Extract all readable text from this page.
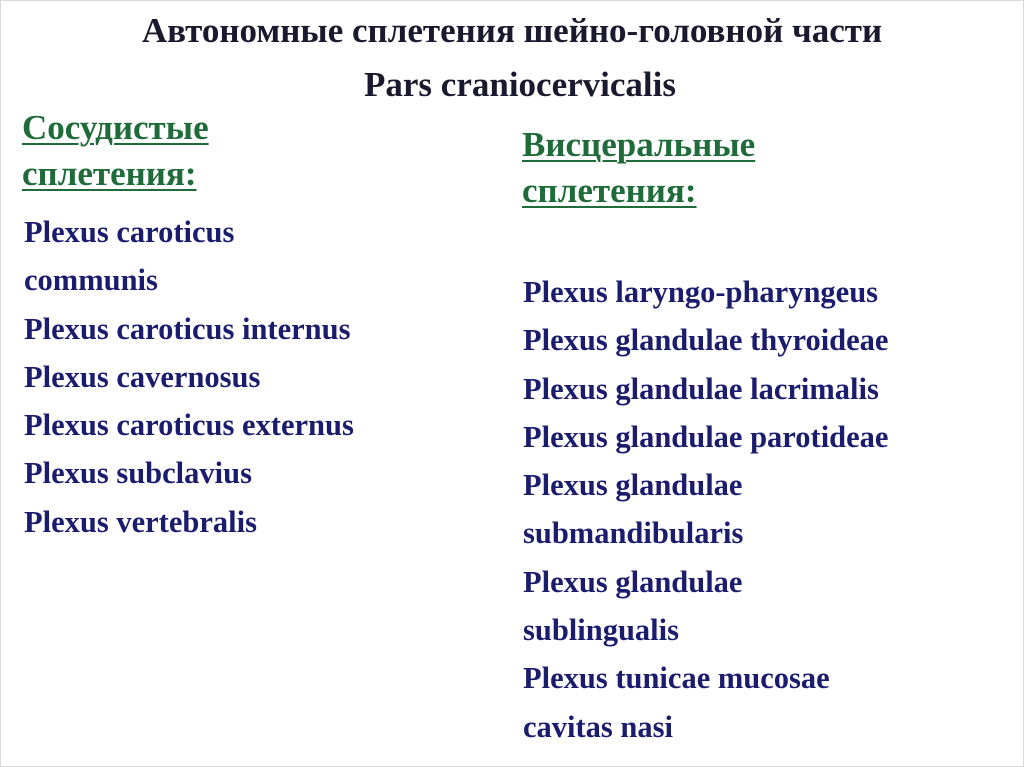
Автономные сплетения шейно-головной части
Pars craniocervicalis
Сосудистые
сплетения:
Plexus caroticus
communis
Plexus caroticus internus
Plexus cavernosus
Plexus caroticus externus
Plexus subclavius
Plexus vertebralis
Висцеральные
сплетения:
Plexus laryngo-pharyngeus
Plexus glandulae thyroideae
Plexus glandulae lacrimalis
Plexus glandulae parotideae
Plexus glandulae
submandibularis
Plexus glandulae
sublingualis
Plexus tunicae mucosae
cavitas nasi
